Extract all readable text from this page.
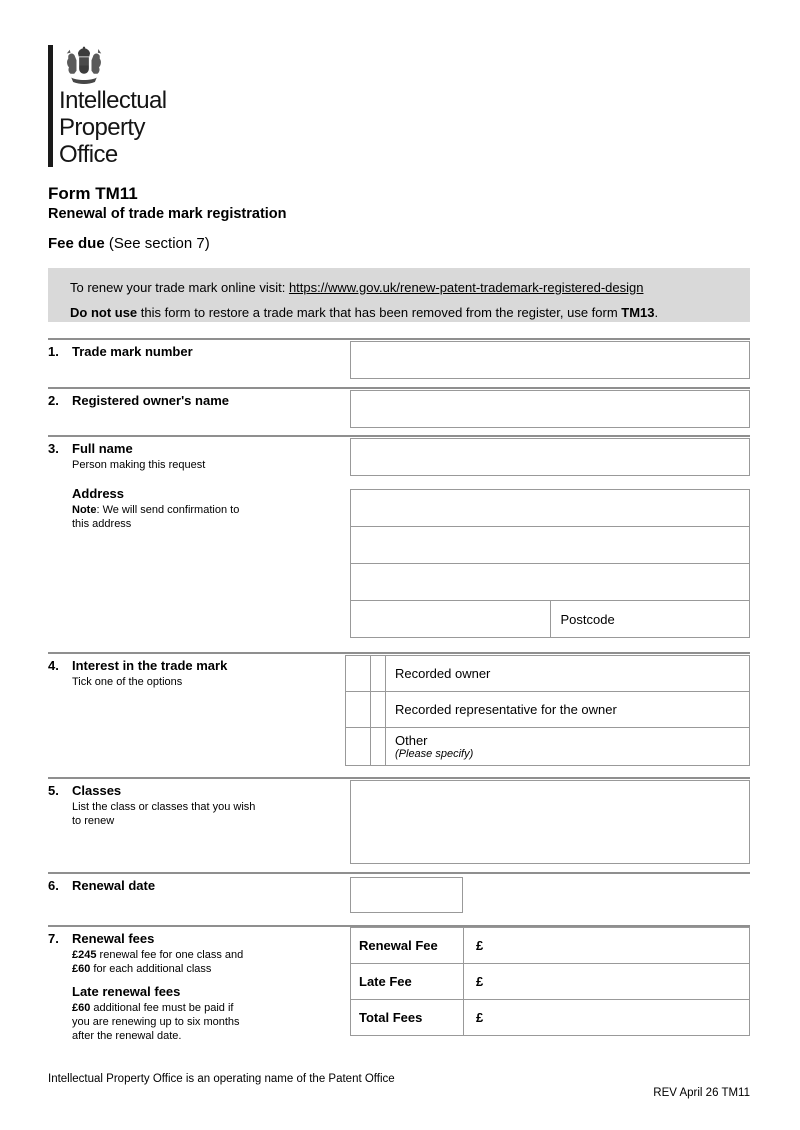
Intellectual
Property
Office
Form TM11
Renewal of trade mark registration
Fee due (See section 7)
To renew your trade mark online visit: https://www.gov.uk/renew-patent-trademark-registered-design
Do not use this form to restore a trade mark that has been removed from the register, use form TM13.
1. Trade mark number
2. Registered owner's name
3. Full name
Person making this request
Address
Note: We will send confirmation to
this address

	Postcode
4. Interest in the trade mark
Tick one of the options
		Recorded owner
		Recorded representative for the owner

		Other
(Please specify)
5. Classes
List the class or classes that you wish
to renew
6. Renewal date
7. Renewal fees
£245 renewal fee for one class and
£60 for each additional class
Late renewal fees
£60 additional fee must be paid if
you are renewing up to six months
after the renewal date.
Renewal Fee	£
Late Fee	£
Total Fees	£
Intellectual Property Office is an operating name of the Patent Office
REV April 26 TM11
